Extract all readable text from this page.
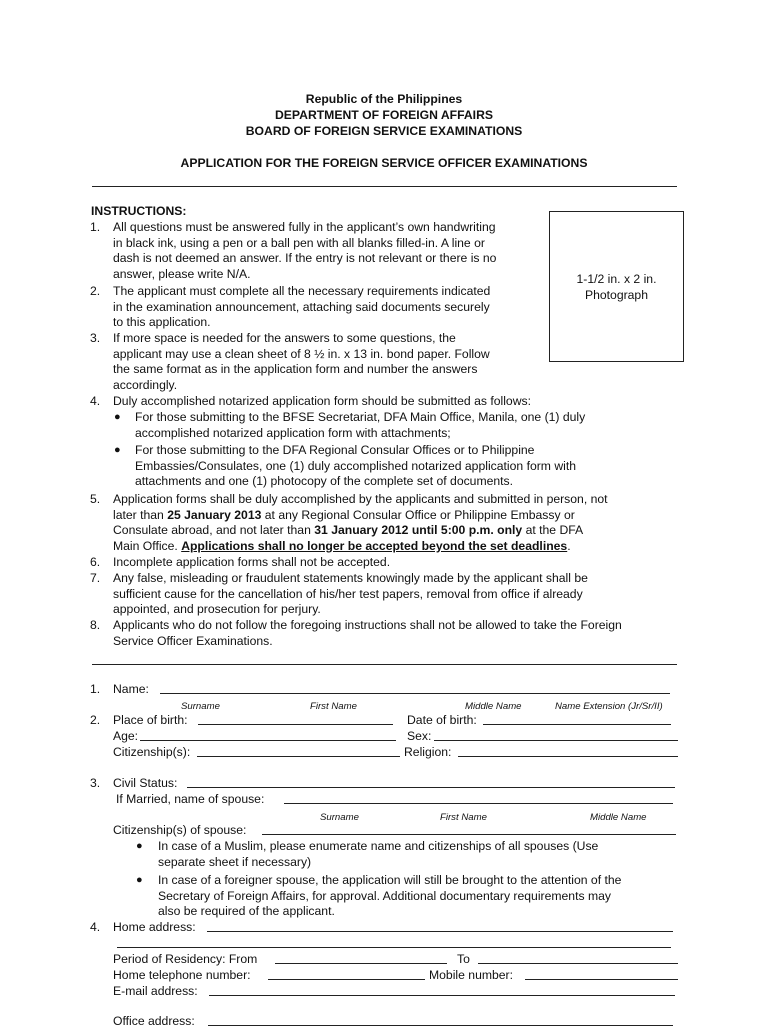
Republic of the Philippines
DEPARTMENT OF FOREIGN AFFAIRS
BOARD OF FOREIGN SERVICE EXAMINATIONS
APPLICATION FOR THE FOREIGN SERVICE OFFICER EXAMINATIONS
INSTRUCTIONS:
1-1/2 in. x 2 in.
Photograph
1.	All questions must be answered fully in the applicant’s own handwriting
in black ink, using a pen or a ball pen with all blanks filled-in. A line or
dash is not deemed an answer. If the entry is not relevant or there is no
answer, please write N/A.
2.	The applicant must complete all the necessary requirements indicated
in the examination announcement, attaching said documents securely
to this application.
3.	If more space is needed for the answers to some questions, the
applicant may use a clean sheet of 8 ½ in. x 13 in. bond paper. Follow
the same format as in the application form and number the answers
accordingly.
4.	Duly accomplished notarized application form should be submitted as follows:
●	For those submitting to the BFSE Secretariat, DFA Main Office, Manila, one (1) duly
accomplished notarized application form with attachments;
●	For those submitting to the DFA Regional Consular Offices or to Philippine
Embassies/Consulates, one (1) duly accomplished notarized application form with
attachments and one (1) photocopy of the complete set of documents.
5.	Application forms shall be duly accomplished by the applicants and submitted in person, not
later than 25 January 2013 at any Regional Consular Office or Philippine Embassy or
Consulate abroad, and not later than 31 January 2012 until 5:00 p.m. only at the DFA
Main Office. Applications shall no longer be accepted beyond the set deadlines.
6.	Incomplete application forms shall not be accepted.
7.	Any false, misleading or fraudulent statements knowingly made by the applicant shall be
sufficient cause for the cancellation of his/her test papers, removal from office if already
appointed, and prosecution for perjury.
8.	Applicants who do not follow the foregoing instructions shall not be allowed to take the Foreign
Service Officer Examinations.
1.	Name:
Surname	First Name	Middle Name	Name Extension (Jr/Sr/II)
2.	Place of birth:	Date of birth:
Age:	Sex:
Citizenship(s):	Religion:
3.	Civil Status:
If Married, name of spouse:
Surname	First Name	Middle Name
Citizenship(s) of spouse:
●	In case of a Muslim, please enumerate name and citizenships of all spouses (Use
separate sheet if necessary)
●	In case of a foreigner spouse, the application will still be brought to the attention of the
Secretary of Foreign Affairs, for approval. Additional documentary requirements may
also be required of the applicant.
4.	Home address:
Period of Residency: From	To
Home telephone number:	Mobile number:
E-mail address:
Office address:
